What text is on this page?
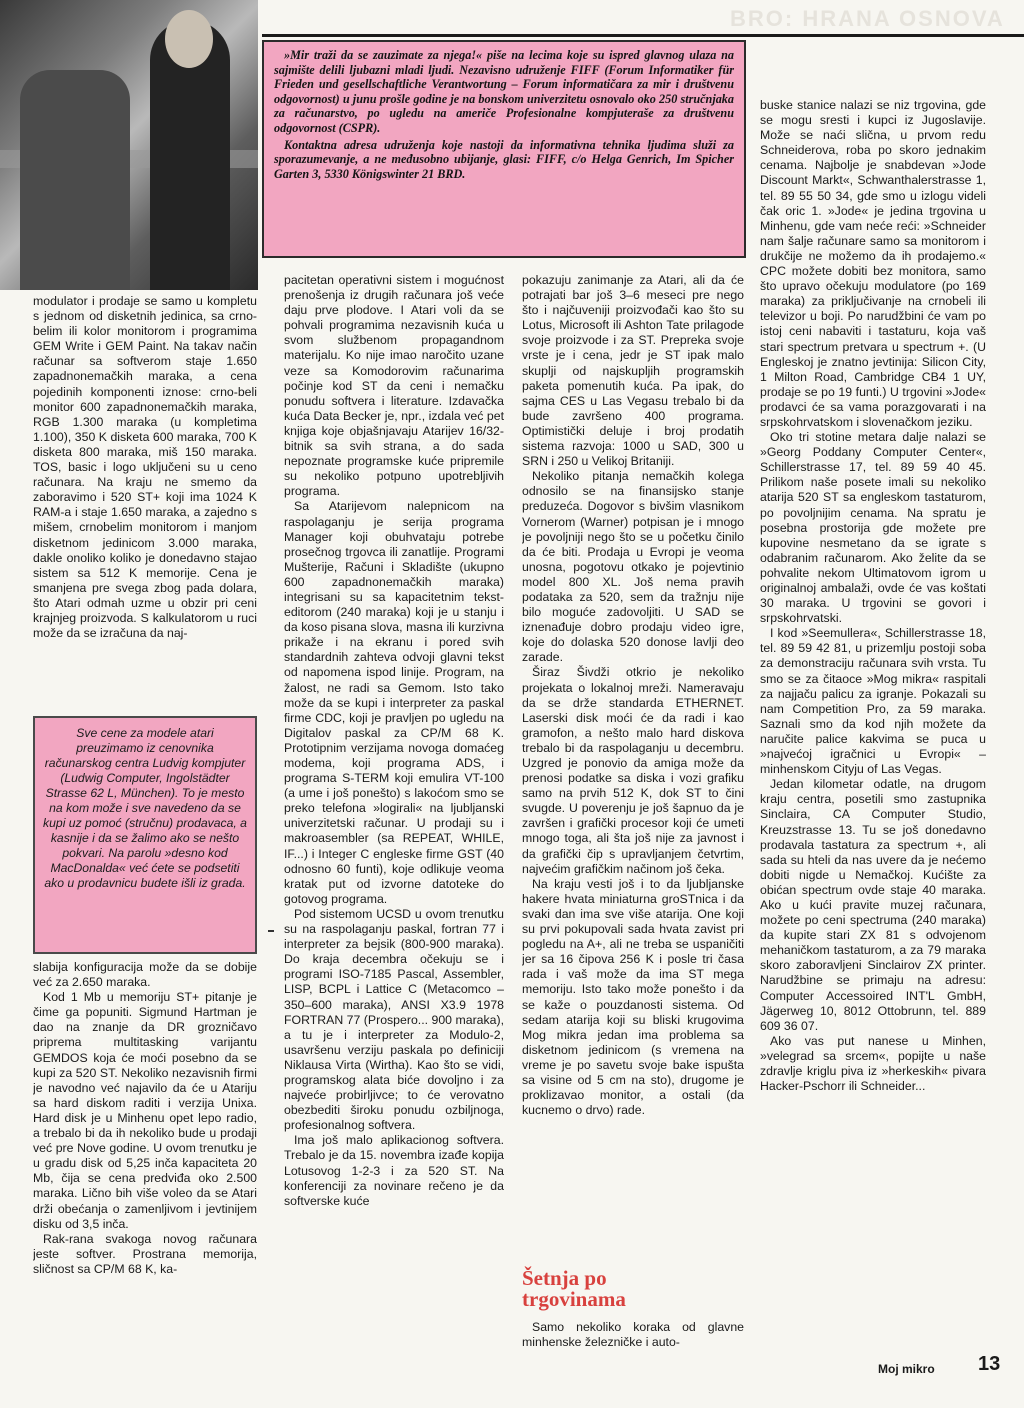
BRO: HRANA OSNOVA

»Mir traži da se zauzimate za njega!« piše na lecima koje su ispred glavnog ulaza na sajmište delili ljubazni mladi ljudi. Nezavisno udruženje FIFF (Forum Informatiker für Frieden und gesellschaftliche Verantwortung – Forum informatičara za mir i društvenu odgovornost) u junu prošle godine je na bonskom univerzitetu osnovalo oko 250 stručnjaka za računarstvo, po ugledu na američe Profesionalne kompjuteraše za društvenu odgovornost (CSPR).

Kontaktna adresa udruženja koje nastoji da informativna tehnika ljudima služi za sporazumevanje, a ne međusobno ubijanje, glasi: FIFF, c/o Helga Genrich, Im Spicher Garten 3, 5330 Königswinter 21 BRD.

modulator i prodaje se samo u kompletu s jednom od disketnih jedinica, sa crno-belim ili kolor monitorom i programima GEM Write i GEM Paint. Na takav način računar sa softverom staje 1.650 zapadnonemačkih maraka, a cena pojedinih komponenti iznose: crno-beli monitor 600 zapadnonemačkih maraka, RGB 1.300 maraka (u kompletima 1.100), 350 K disketa 600 maraka, 700 K disketa 800 maraka, miš 150 maraka. TOS, basic i logo uključeni su u ceno računara. Na kraju ne smemo da zaboravimo i 520 ST+ koji ima 1024 K RAM-a i staje 1.650 maraka, a zajedno s mišem, crnobelim monitorom i manjom disketnom jedinicom 3.000 maraka, dakle onoliko koliko je donedavno stajao sistem sa 512 K memorije. Cena je smanjena pre svega zbog pada dolara, što Atari odmah uzme u obzir pri ceni krajnjeg proizvoda. S kalkulatorom u ruci može da se izračuna da naj-

Sve cene za modele atari preuzimamo iz cenovnika računarskog centra Ludvig kompjuter (Ludwig Computer, Ingolstädter Strasse 62 L, München). To je mesto na kom može i sve navedeno da se kupi uz pomoć (stručnu) prodavaca, a kasnije i da se žalimo ako se nešto pokvari. Na parolu »desno kod MacDonalda« već ćete se podsetiti ako u prodavnicu budete išli iz grada.

slabija konfiguracija može da se dobije već za 2.650 maraka.

Kod 1 Mb u memoriju ST+ pitanje je čime ga popuniti. Sigmund Hartman je dao na znanje da DR grozničavo priprema multitasking varijantu GEMDOS koja će moći posebno da se kupi za 520 ST. Nekoliko nezavisnih firmi je navodno već najavilo da će u Atariju sa hard diskom raditi i verzija Unixa. Hard disk je u Minhenu opet lepo radio, a trebalo bi da ih nekoliko bude u prodaji već pre Nove godine. U ovom trenutku je u gradu disk od 5,25 inča kapaciteta 20 Mb, čija se cena predviđa oko 2.500 maraka. Lično bih više voleo da se Atari drži obećanja o zamenljivom i jevtinijem disku od 3,5 inča.

Rak-rana svakoga novog računara jeste softver. Prostrana memorija, sličnost sa CP/M 68 K, ka-

pacitetan operativni sistem i mogućnost prenošenja iz drugih računara još veće daju prve plodove. I Atari voli da se pohvali programima nezavisnih kuća u svom službenom propagandnom materijalu. Ko nije imao naročito uzane veze sa Komodorovim računarima počinje kod ST da ceni i nemačku ponudu softvera i literature. Izdavačka kuća Data Becker je, npr., izdala već pet knjiga koje objašnjavaju Atarijev 16/32-bitnik sa svih strana, a do sada nepoznate programske kuće pripremile su nekoliko potpuno upotrebljivih programa.

Sa Atarijevom nalepnicom na raspolaganju je serija programa Manager koji obuhvataju potrebe prosečnog trgovca ili zanatlije. Programi Mušterije, Računi i Skladište (ukupno 600 zapadnonemačkih maraka) integrisani su sa kapacitetnim tekst-editorom (240 maraka) koji je u stanju i da koso pisana slova, masna ili kurzivna prikaže i na ekranu i pored svih standardnih zahteva odvoji glavni tekst od napomena ispod linije. Program, na žalost, ne radi sa Gemom. Isto tako može da se kupi i interpreter za paskal firme CDC, koji je pravljen po ugledu na Digitalov paskal za CP/M 68 K. Prototipnim verzijama novoga domaćeg modema, koji programa ADS, i programa S-TERM koji emulira VT-100 (a ume i još ponešto) s lakoćom smo se preko telefona »logirali« na ljubljanski univerzitetski računar. U prodaji su i makroasembler (sa REPEAT, WHILE, IF...) i Integer C engleske firme GST (40 odnosno 60 funti), koje odlikuje veoma kratak put od izvorne datoteke do gotovog programa.

Pod sistemom UCSD u ovom trenutku su na raspolaganju paskal, fortran 77 i interpreter za bejsik (800-900 maraka). Do kraja decembra očekuju se i programi ISO-7185 Pascal, Assembler, LISP, BCPL i Lattice C (Metacomco – 350–600 maraka), ANSI X3.9 1978 FORTRAN 77 (Prospero... 900 maraka), a tu je i interpreter za Modulo-2, usavršenu verziju paskala po definiciji Niklausa Virta (Wirtha). Kao što se vidi, programskog alata biće dovoljno i za najveće probirljivce; to će verovatno obezbediti široku ponudu ozbiljnoga, profesionalnog softvera.

Ima još malo aplikacionog softvera. Trebalo je da 15. novembra izađe kopija Lotusovog 1-2-3 i za 520 ST. Na konferenciji za novinare rečeno je da softverske kuće

pokazuju zanimanje za Atari, ali da će potrajati bar još 3–6 meseci pre nego što i najčuveniji proizvođači kao što su Lotus, Microsoft ili Ashton Tate prilagode svoje proizvode i za ST. Prepreka svoje vrste je i cena, jedr je ST ipak malo skuplji od najskupljih programskih paketa pomenutih kuća. Pa ipak, do sajma CES u Las Vegasu trebalo bi da bude završeno 400 programa. Optimistički deluje i broj prodatih sistema razvoja: 1000 u SAD, 300 u SRN i 250 u Velikoj Britaniji.

Nekoliko pitanja nemačkih kolega odnosilo se na finansijsko stanje preduzeća. Dogovor s bivšim vlasnikom Vornerom (Warner) potpisan je i mnogo je povoljniji nego što se u početku činilo da će biti. Prodaja u Evropi je veoma unosna, pogotovu otkako je pojevtinio model 800 XL. Još nema pravih podataka za 520, sem da tražnju nije bilo moguće zadovoljiti. U SAD se iznenađuje dobro prodaju video igre, koje do dolaska 520 donose lavlji deo zarade.

Širaz Šivdži otkrio je nekoliko projekata o lokalnoj mreži. Nameravaju da se drže standarda ETHERNET. Laserski disk moći će da radi i kao gramofon, a nešto malo hard diskova trebalo bi da raspolaganju u decembru. Uzgred je ponovio da amiga može da prenosi podatke sa diska i vozi grafiku samo na prvih 512 K, dok ST to čini svugde. U poverenju je još šapnuo da je završen i grafički procesor koji će umeti mnogo toga, ali šta još nije za javnost i da grafički čip s upravljanjem četvrtim, najvećim grafičkim načinom još čeka.

Na kraju vesti još i to da ljubljanske hakere hvata miniaturna groSTnica i da svaki dan ima sve više atarija. One koji su prvi pokupovali sada hvata zavist pri pogledu na A+, ali ne treba se uspaničiti jer sa 16 čipova 256 K i posle tri časa rada i vaš može da ima ST mega memoriju. Isto tako može ponešto i da se kaže o pouzdanosti sistema. Od sedam atarija koji su bliski krugovima Mog mikra jedan ima problema sa disketnom jedinicom (s vremena na vreme je po savetu svoje bake ispušta sa visine od 5 cm na sto), drugome je proklizavao monitor, a ostali (da kucnemo o drvo) rade.

Šetnja po
trgovinama

Samo nekoliko koraka od glavne minhenske železničke i auto-

buske stanice nalazi se niz trgovina, gde se mogu sresti i kupci iz Jugoslavije. Može se naći slična, u prvom redu Schneiderova, roba po skoro jednakim cenama. Najbolje je snabdevan »Jode Discount Markt«, Schwanthalerstrasse 1, tel. 89 55 50 34, gde smo u izlogu videli čak oric 1. »Jode« je jedina trgovina u Minhenu, gde vam neće reći: »Schneider nam šalje računare samo sa monitorom i drukčije ne možemo da ih prodajemo.« CPC možete dobiti bez monitora, samo što upravo očekuju modulatore (po 169 maraka) za priključivanje na crnobeli ili televizor u boji. Po narudžbini će vam po istoj ceni nabaviti i tastaturu, koja vaš stari spectrum pretvara u spectrum +. (U Engleskoj je znatno jevtinija: Silicon City, 1 Milton Road, Cambridge CB4 1 UY, prodaje se po 19 funti.) U trgovini »Jode« prodavci će sa vama porazgovarati i na srpskohrvatskom i slovenačkom jeziku.

Oko tri stotine metara dalje nalazi se »Georg Poddany Computer Center«, Schillerstrasse 17, tel. 89 59 40 45. Prilikom naše posete imali su nekoliko atarija 520 ST sa engleskom tastaturom, po povoljnijim cenama. Na spratu je posebna prostorija gde možete pre kupovine nesmetano da se igrate s odabranim računarom. Ako želite da se pohvalite nekom Ultimatovom igrom u originalnoj ambalaži, ovde će vas koštati 30 maraka. U trgovini se govori i srpskohrvatski.

I kod »Seemullera«, Schillerstrasse 18, tel. 89 59 42 81, u prizemlju postoji soba za demonstraciju računara svih vrsta. Tu smo se za čitaoce »Mog mikra« raspitali za najjaču palicu za igranje. Pokazali su nam Competition Pro, za 59 maraka. Saznali smo da kod njih možete da naručite palice kakvima se puca u »najvećoj igračnici u Evropi« – minhenskom Cityju of Las Vegas.

Jedan kilometar odatle, na drugom kraju centra, posetili smo zastupnika Sinclaira, CA Computer Studio, Kreuzstrasse 13. Tu se još donedavno prodavala tastatura za spectrum +, ali sada su hteli da nas uvere da je nećemo dobiti nigde u Nemačkoj. Kućište za obićan spectrum ovde staje 40 maraka. Ako u kući pravite muzej računara, možete po ceni spectruma (240 maraka) da kupite stari ZX 81 s odvojenom mehaničkom tastaturom, a za 79 maraka skoro zaboravljeni Sinclairov ZX printer. Narudžbine se primaju na adresu: Computer Accessoired INT'L GmbH, Jägerweg 10, 8012 Ottobrunn, tel. 889 609 36 07.

Ako vas put nanese u Minhen, »velegrad sa srcem«, popijte u naše zdravlje kriglu piva iz »herkeskih« pivara Hacker-Pschorr ili Schneider...

Moj mikro 13
